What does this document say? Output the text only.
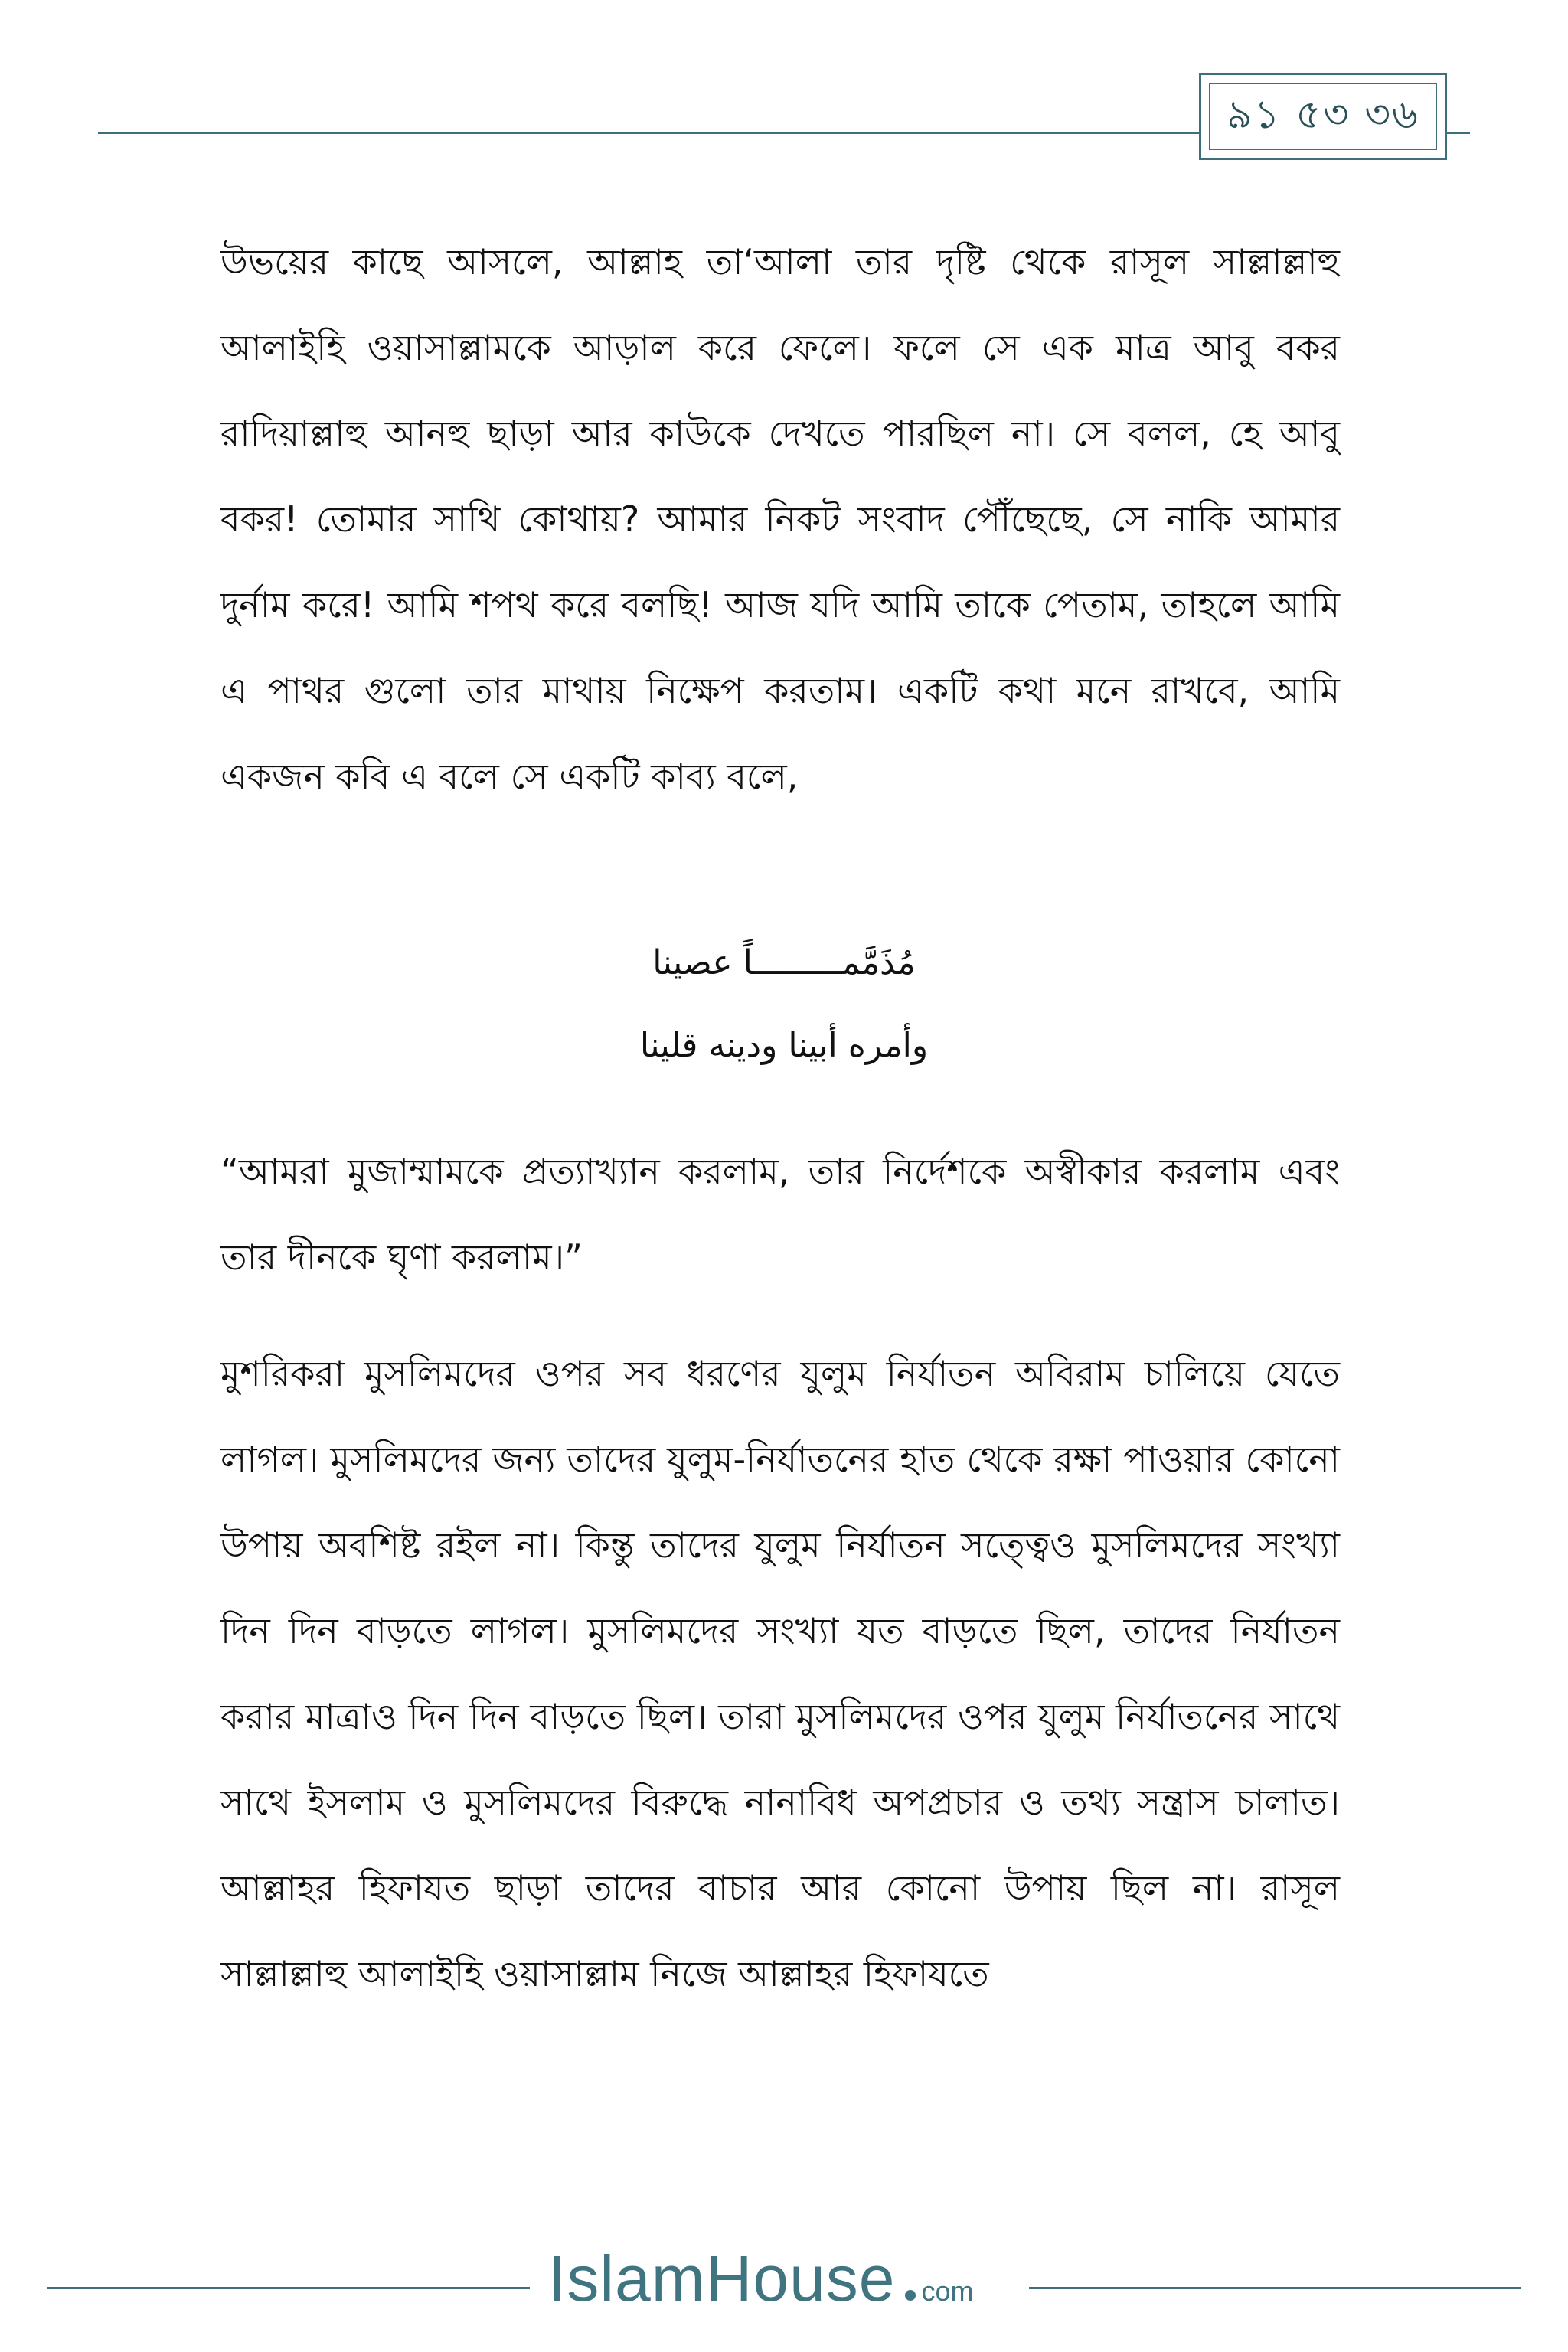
৯১ ৫৩ ৩৬

উভয়ের কাছে আসলে, আল্লাহ তা‘আলা তার দৃষ্টি থেকে রাসূল সাল্লাল্লাহু আলাইহি ওয়াসাল্লামকে আড়াল করে ফেলে। ফলে সে এক মাত্র আবু বকর রাদিয়াল্লাহু আনহু ছাড়া আর কাউকে দেখতে পারছিল না। সে বলল, হে আবু বকর! তোমার সাথি কোথায়? আমার নিকট সংবাদ পৌঁছেছে, সে নাকি আমার দুর্নাম করে! আমি শপথ করে বলছি! আজ যদি আমি তাকে পেতাম, তাহলে আমি এ পাথর গুলো তার মাথায় নিক্ষেপ করতাম। একটি কথা মনে রাখবে, আমি একজন কবি এ বলে সে একটি কাব্য বলে,

مُذَمَّمـــــــــاً عصينا
وأمره أبينا ودينه قلينا

“আমরা মুজাম্মামকে প্রত্যাখ্যান করলাম, তার নির্দেশকে অস্বীকার করলাম এবং তার দীনকে ঘৃণা করলাম।”

মুশরিকরা মুসলিমদের ওপর সব ধরণের যুলুম নির্যাতন অবিরাম চালিয়ে যেতে লাগল। মুসলিমদের জন্য তাদের যুলুম-নির্যাতনের হাত থেকে রক্ষা পাওয়ার কোনো উপায় অবশিষ্ট রইল না। কিন্তু তাদের যুলুম নির্যাতন সত্ত্বেও মুসলিমদের সংখ্যা দিন দিন বাড়তে লাগল। মুসলিমদের সংখ্যা যত বাড়তে ছিল, তাদের নির্যাতন করার মাত্রাও দিন দিন বাড়তে ছিল। তারা মুসলিমদের ওপর যুলুম নির্যাতনের সাথে সাথে ইসলাম ও মুসলিমদের বিরুদ্ধে নানাবিধ অপপ্রচার ও তথ্য সন্ত্রাস চালাত। আল্লাহর হিফাযত ছাড়া তাদের বাচার আর কোনো উপায় ছিল না। রাসূল সাল্লাল্লাহু আলাইহি ওয়াসাল্লাম নিজে আল্লাহর হিফাযতে

IslamHouse com
